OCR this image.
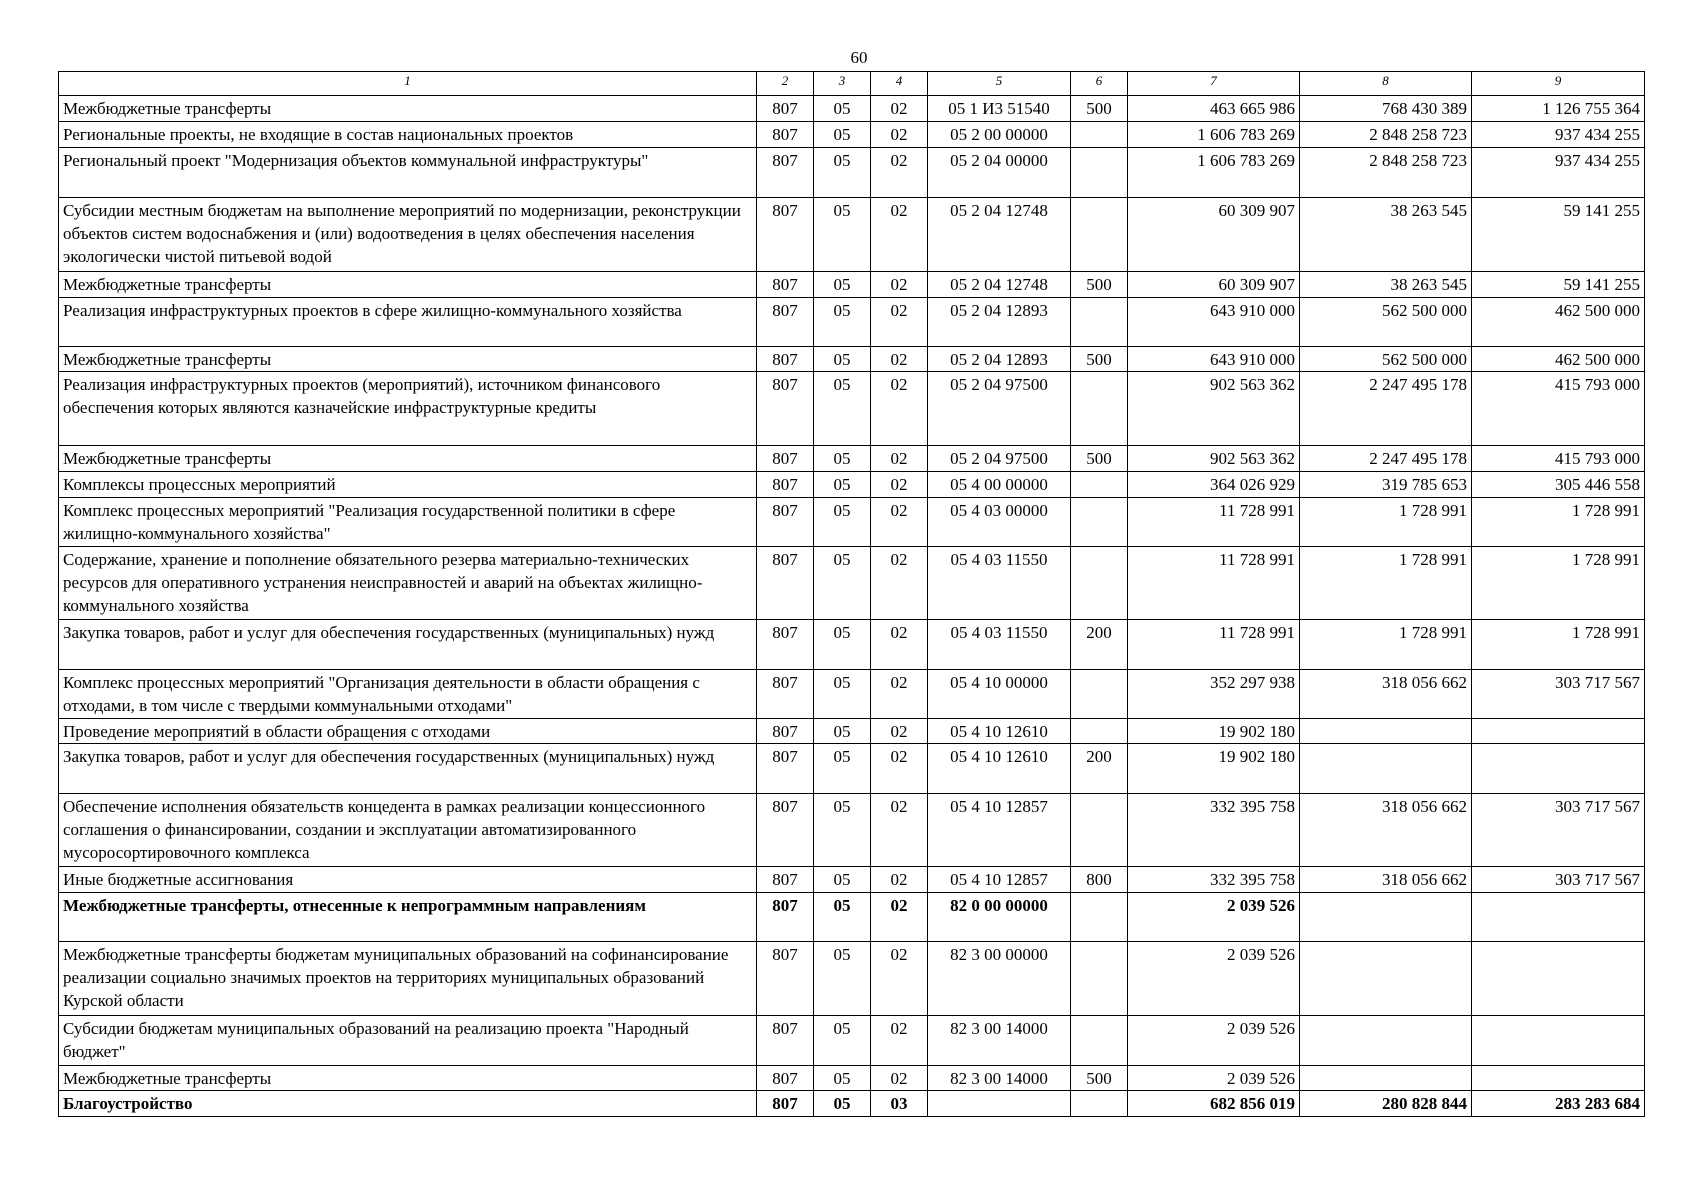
60
1	2	3	4	5	6	7	8	9
Межбюджетные трансферты	807	05	02	05 1 И3 51540	500	463 665 986	768 430 389	1 126 755 364
Региональные проекты, не входящие в состав национальных проектов	807	05	02	05 2 00 00000		1 606 783 269	2 848 258 723	937 434 255
Региональный проект "Модернизация объектов коммунальной инфраструктуры"	807	05	02	05 2 04 00000		1 606 783 269	2 848 258 723	937 434 255
Субсидии местным бюджетам на выполнение мероприятий по модернизации, реконструкции объектов систем водоснабжения и (или) водоотведения в целях обеспечения населения экологически чистой питьевой водой	807	05	02	05 2 04 12748		60 309 907	38 263 545	59 141 255
Межбюджетные трансферты	807	05	02	05 2 04 12748	500	60 309 907	38 263 545	59 141 255
Реализация инфраструктурных проектов в сфере жилищно-коммунального хозяйства	807	05	02	05 2 04 12893		643 910 000	562 500 000	462 500 000
Межбюджетные трансферты	807	05	02	05 2 04 12893	500	643 910 000	562 500 000	462 500 000
Реализация инфраструктурных проектов (мероприятий), источником финансового обеспечения которых являются казначейские инфраструктурные кредиты	807	05	02	05 2 04 97500		902 563 362	2 247 495 178	415 793 000
Межбюджетные трансферты	807	05	02	05 2 04 97500	500	902 563 362	2 247 495 178	415 793 000
Комплексы процессных мероприятий	807	05	02	05 4 00 00000		364 026 929	319 785 653	305 446 558
Комплекс процессных мероприятий "Реализация государственной политики в сфере жилищно-коммунального хозяйства"	807	05	02	05 4 03 00000		11 728 991	1 728 991	1 728 991
Содержание, хранение и пополнение обязательного резерва материально-технических ресурсов для оперативного устранения неисправностей и аварий на объектах жилищно-коммунального хозяйства	807	05	02	05 4 03 11550		11 728 991	1 728 991	1 728 991
Закупка товаров, работ и услуг для обеспечения государственных (муниципальных) нужд	807	05	02	05 4 03 11550	200	11 728 991	1 728 991	1 728 991
Комплекс процессных мероприятий "Организация деятельности в области обращения с отходами, в том числе с твердыми коммунальными отходами"	807	05	02	05 4 10 00000		352 297 938	318 056 662	303 717 567
Проведение мероприятий в области обращения с отходами	807	05	02	05 4 10 12610		19 902 180		
Закупка товаров, работ и услуг для обеспечения государственных (муниципальных) нужд	807	05	02	05 4 10 12610	200	19 902 180		
Обеспечение исполнения обязательств концедента в рамках реализации концессионного соглашения о финансировании, создании и эксплуатации автоматизированного мусоросортировочного комплекса	807	05	02	05 4 10 12857		332 395 758	318 056 662	303 717 567
Иные бюджетные ассигнования	807	05	02	05 4 10 12857	800	332 395 758	318 056 662	303 717 567
Межбюджетные трансферты, отнесенные к непрограммным направлениям	807	05	02	82 0 00 00000		2 039 526		
Межбюджетные трансферты бюджетам муниципальных образований на софинансирование реализации социально значимых проектов на территориях муниципальных образований Курской области	807	05	02	82 3 00 00000		2 039 526		
Субсидии бюджетам муниципальных образований на реализацию проекта "Народный бюджет"	807	05	02	82 3 00 14000		2 039 526		
Межбюджетные трансферты	807	05	02	82 3 00 14000	500	2 039 526		
Благоустройство	807	05	03			682 856 019	280 828 844	283 283 684
